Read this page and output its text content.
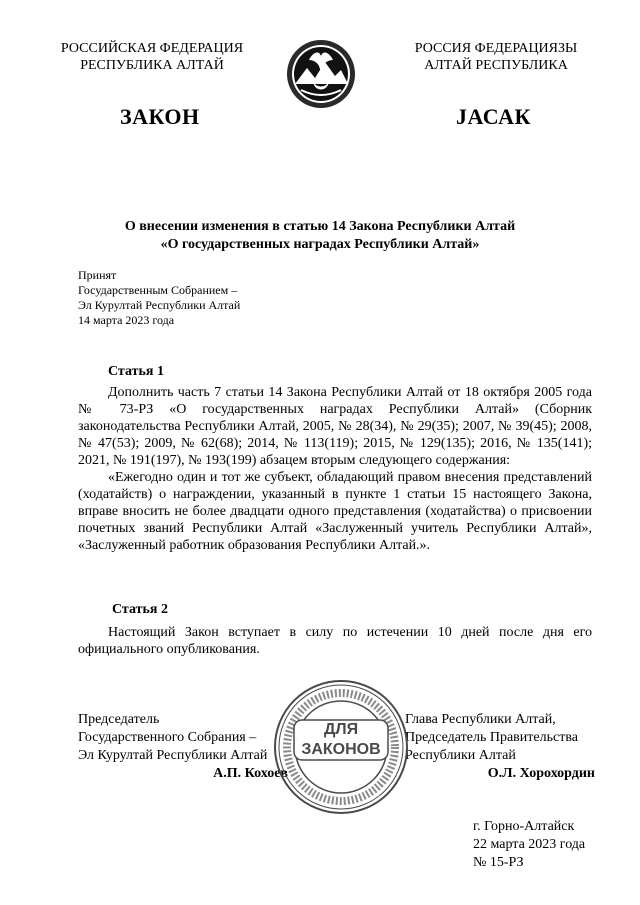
РОССИЙСКАЯ ФЕДЕРАЦИЯ
РЕСПУБЛИКА АЛТАЙ
РОССИЯ ФЕДЕРАЦИЯЗЫ
АЛТАЙ РЕСПУБЛИКА
ЗАКОН	JАСАК
О внесении изменения в статью 14 Закона Республики Алтай
«О государственных наградах Республики Алтай»
Принят
Государственным Собранием –
Эл Курултай Республики Алтай
14 марта 2023 года
Статья 1

Дополнить часть 7 статьи 14 Закона Республики Алтай от 18 октября 2005 года № 73-РЗ «О государственных наградах Республики Алтай» (Сборник законодательства Республики Алтай, 2005, № 28(34), № 29(35); 2007, № 39(45); 2008, № 47(53); 2009, № 62(68); 2014, № 113(119); 2015, № 129(135); 2016, № 135(141); 2021, № 191(197), № 193(199) абзацем вторым следующего содержания:

«Ежегодно один и тот же субъект, обладающий правом внесения представлений (ходатайств) о награждении, указанный в пункте 1 статьи 15 настоящего Закона, вправе вносить не более двадцати одного представления (ходатайства) о присвоении почетных званий Республики Алтай «Заслуженный учитель Республики Алтай», «Заслуженный работник образования Республики Алтай.».

Статья 2

Настоящий Закон вступает в силу по истечении 10 дней после дня его официального опубликования.

Председатель
Государственного Собрания –
Эл Курултай Республики Алтай
А.П. Кохоев
Глава Республики Алтай,
Председатель Правительства
Республики Алтай
О.Л. Хорохордин
ДЛЯ
ЗАКОНОВ
г. Горно-Алтайск
22 марта 2023 года
№ 15-РЗ
